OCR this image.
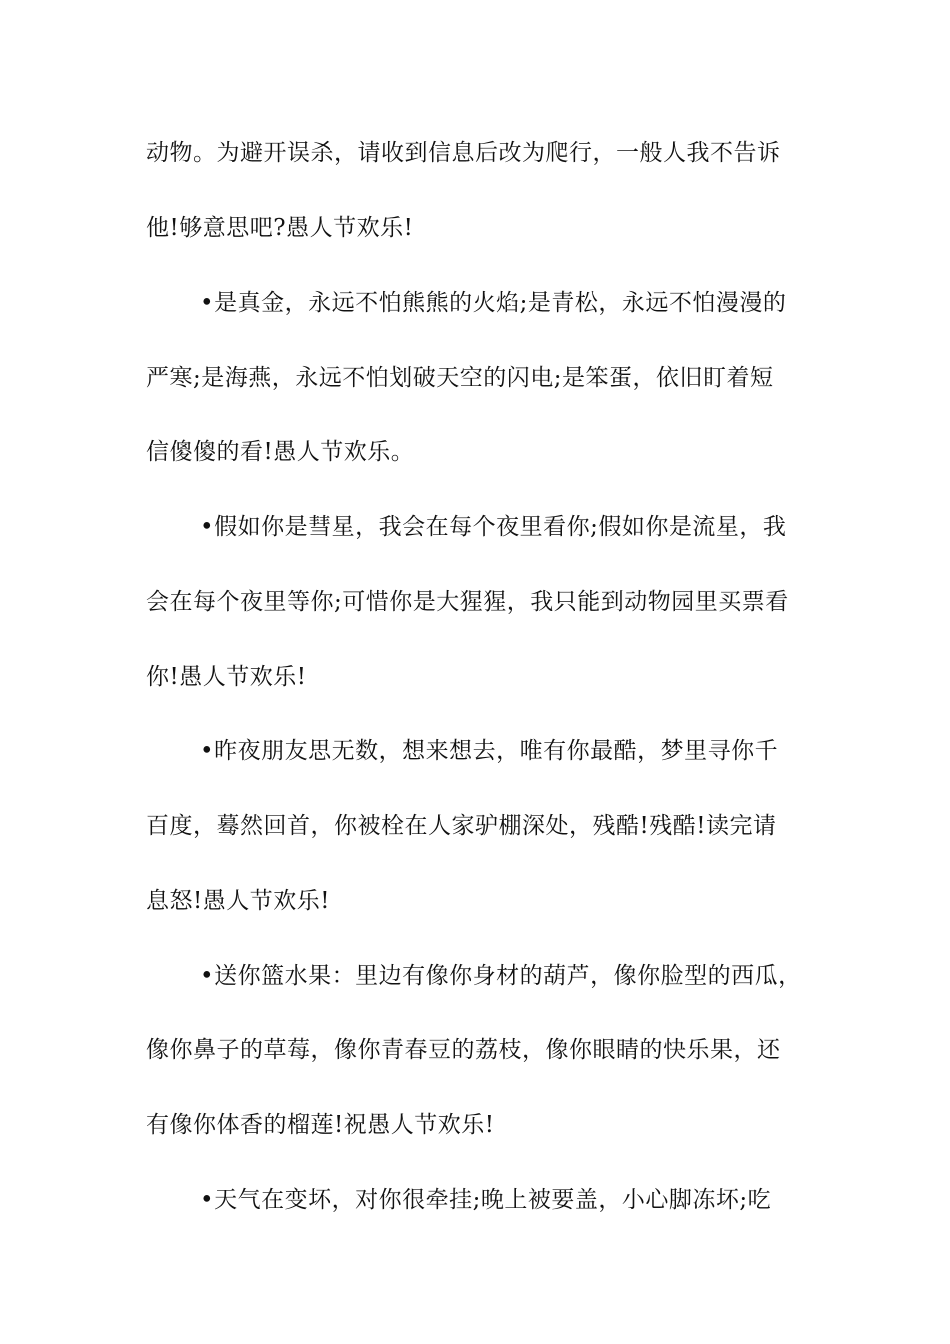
动物。为避开误杀，请收到信息后改为爬行，一般人我不告诉
他!够意思吧?愚人节欢乐!
•是真金，永远不怕熊熊的火焰;是青松，永远不怕漫漫的
严寒;是海燕，永远不怕划破天空的闪电;是笨蛋，依旧盯着短
信傻傻的看!愚人节欢乐。
•假如你是彗星，我会在每个夜里看你;假如你是流星，我
会在每个夜里等你;可惜你是大猩猩，我只能到动物园里买票看
你!愚人节欢乐!
•昨夜朋友思无数，想来想去，唯有你最酷，梦里寻你千
百度，蓦然回首，你被栓在人家驴棚深处，残酷!残酷!读完请
息怒!愚人节欢乐!
•送你篮水果：里边有像你身材的葫芦，像你脸型的西瓜，
像你鼻子的草莓，像你青春豆的荔枝，像你眼睛的快乐果，还
有像你体香的榴莲!祝愚人节欢乐!
•天气在变坏，对你很牵挂;晚上被要盖，小心脚冻坏;吃
